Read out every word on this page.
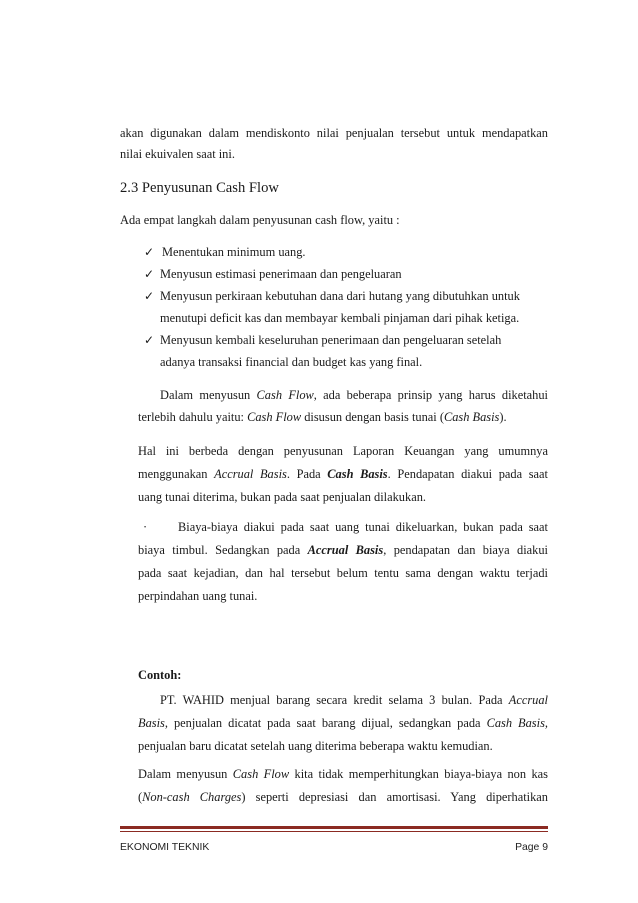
akan digunakan dalam mendiskonto nilai penjualan tersebut untuk mendapatkan
nilai ekuivalen saat ini.
2.3 Penyusunan Cash Flow
Ada empat langkah dalam penyusunan cash flow, yaitu :
✓ Menentukan minimum uang.
✓ Menyusun estimasi penerimaan dan pengeluaran
✓ Menyusun perkiraan kebutuhan dana dari hutang yang dibutuhkan untuk
menutupi deficit kas dan membayar kembali pinjaman dari pihak ketiga.
✓ Menyusun kembali keseluruhan penerimaan dan pengeluaran setelah
adanya transaksi financial dan budget kas yang final.
Dalam menyusun Cash Flow, ada beberapa prinsip yang harus diketahui
terlebih dahulu yaitu: Cash Flow disusun dengan basis tunai (Cash Basis).
Hal ini berbeda dengan penyusunan Laporan Keuangan yang umumnya
menggunakan Accrual Basis. Pada Cash Basis. Pendapatan diakui pada saat
uang tunai diterima, bukan pada saat penjualan dilakukan.
· Biaya-biaya diakui pada saat uang tunai dikeluarkan, bukan pada saat
biaya timbul. Sedangkan pada Accrual Basis, pendapatan dan biaya diakui
pada saat kejadian, dan hal tersebut belum tentu sama dengan waktu terjadi
perpindahan uang tunai.
Contoh:
PT. WAHID menjual barang secara kredit selama 3 bulan. Pada Accrual
Basis, penjualan dicatat pada saat barang dijual, sedangkan pada Cash Basis,
penjualan baru dicatat setelah uang diterima beberapa waktu kemudian.
Dalam menyusun Cash Flow kita tidak memperhitungkan biaya-biaya non kas
(Non-cash Charges) seperti depresiasi dan amortisasi. Yang diperhatikan
EKONOMI TEKNIK	Page 9
